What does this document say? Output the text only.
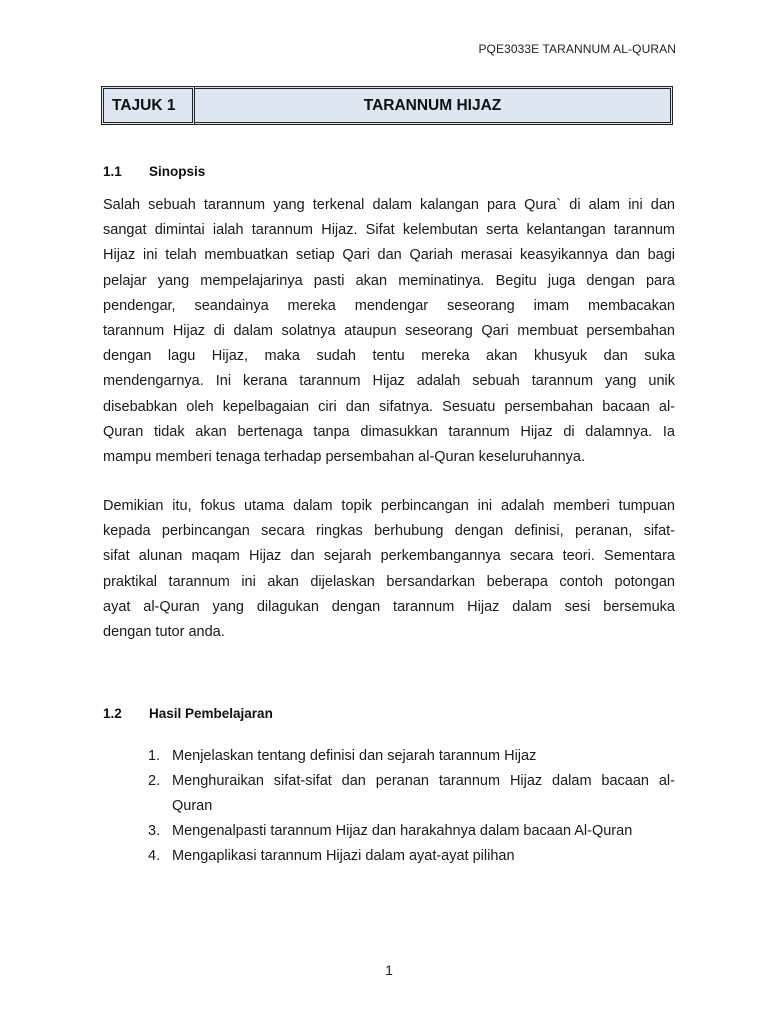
PQE3033E TARANNUM AL-QURAN
TAJUK 1	TARANNUM HIJAZ
1.1 Sinopsis
Salah sebuah tarannum yang terkenal dalam kalangan para Qura` di alam ini dan
sangat dimintai ialah tarannum Hijaz. Sifat kelembutan serta kelantangan tarannum
Hijaz ini telah membuatkan setiap Qari dan Qariah merasai keasyikannya dan bagi
pelajar yang mempelajarinya pasti akan meminatinya. Begitu juga dengan para
pendengar, seandainya mereka mendengar seseorang imam membacakan
tarannum Hijaz di dalam solatnya ataupun seseorang Qari membuat persembahan
dengan lagu Hijaz, maka sudah tentu mereka akan khusyuk dan suka
mendengarnya. Ini kerana tarannum Hijaz adalah sebuah tarannum yang unik
disebabkan oleh kepelbagaian ciri dan sifatnya. Sesuatu persembahan bacaan al-
Quran tidak akan bertenaga tanpa dimasukkan tarannum Hijaz di dalamnya. Ia
mampu memberi tenaga terhadap persembahan al-Quran keseluruhannya.
Demikian itu, fokus utama dalam topik perbincangan ini adalah memberi tumpuan
kepada perbincangan secara ringkas berhubung dengan definisi, peranan, sifat-
sifat alunan maqam Hijaz dan sejarah perkembangannya secara teori. Sementara
praktikal tarannum ini akan dijelaskan bersandarkan beberapa contoh potongan
ayat al-Quran yang dilagukan dengan tarannum Hijaz dalam sesi bersemuka
dengan tutor anda.
1.2 Hasil Pembelajaran
1. Menjelaskan tentang definisi dan sejarah tarannum Hijaz
2. Menghuraikan sifat-sifat dan peranan tarannum Hijaz dalam bacaan al-
Quran
3. Mengenalpasti tarannum Hijaz dan harakahnya dalam bacaan Al-Quran
4. Mengaplikasi tarannum Hijazi dalam ayat-ayat pilihan
1
